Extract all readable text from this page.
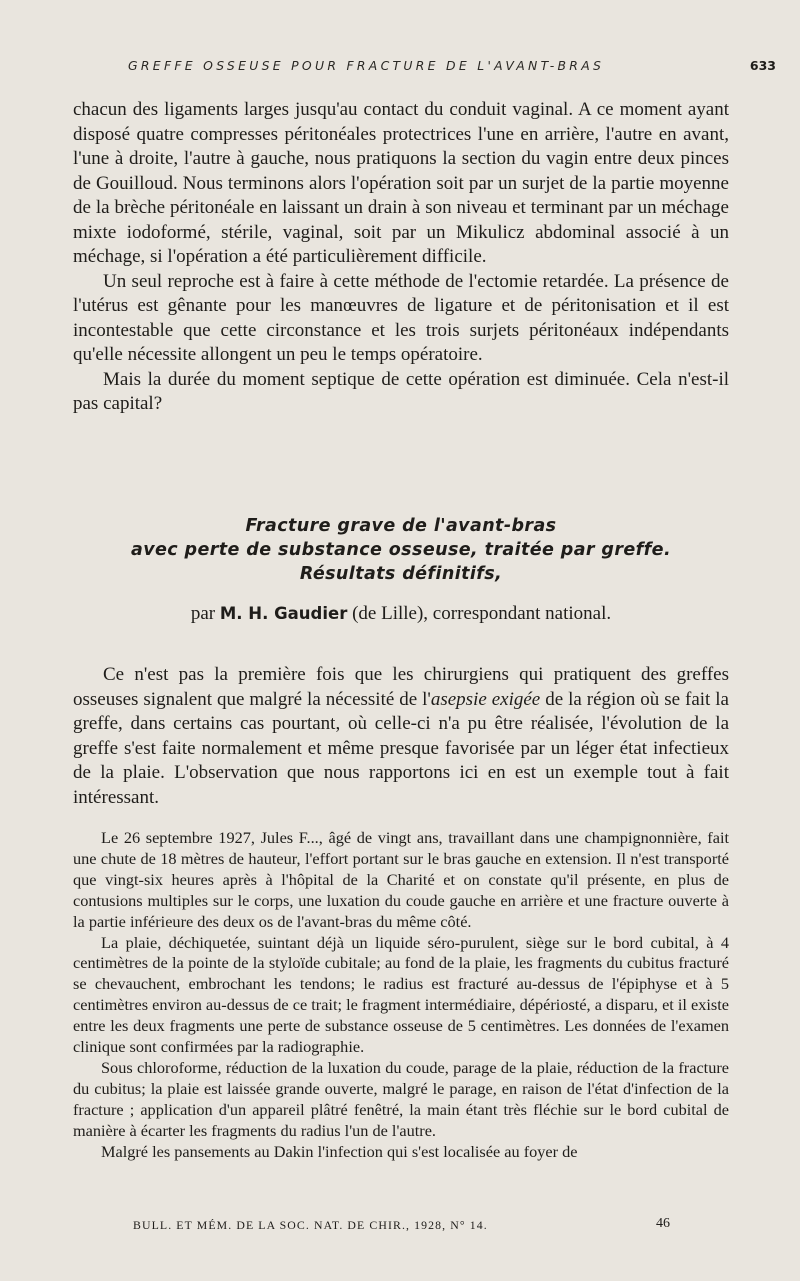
GREFFE OSSEUSE POUR FRACTURE DE L'AVANT-BRAS	633

chacun des ligaments larges jusqu'au contact du conduit vaginal. A ce moment ayant disposé quatre compresses péritonéales protectrices l'une en arrière, l'autre en avant, l'une à droite, l'autre à gauche, nous pratiquons la section du vagin entre deux pinces de Gouilloud. Nous terminons alors l'opération soit par un surjet de la partie moyenne de la brèche péritonéale en laissant un drain à son niveau et terminant par un méchage mixte iodoformé, stérile, vaginal, soit par un Mikulicz abdominal associé à un méchage, si l'opération a été particulièrement difficile.

Un seul reproche est à faire à cette méthode de l'ectomie retardée. La présence de l'utérus est gênante pour les manœuvres de ligature et de péritonisation et il est incontestable que cette circonstance et les trois surjets péritonéaux indépendants qu'elle nécessite allongent un peu le temps opératoire.

Mais la durée du moment septique de cette opération est diminuée. Cela n'est-il pas capital?

Fracture grave de l'avant-bras
avec perte de substance osseuse, traitée par greffe.
Résultats définitifs,
par M. H. Gaudier (de Lille), correspondant national.

Ce n'est pas la première fois que les chirurgiens qui pratiquent des greffes osseuses signalent que malgré la nécessité de l'asepsie exigée de la région où se fait la greffe, dans certains cas pourtant, où celle-ci n'a pu être réalisée, l'évolution de la greffe s'est faite normalement et même presque favorisée par un léger état infectieux de la plaie. L'observation que nous rapportons ici en est un exemple tout à fait intéressant.

Le 26 septembre 1927, Jules F..., âgé de vingt ans, travaillant dans une champignonnière, fait une chute de 18 mètres de hauteur, l'effort portant sur le bras gauche en extension. Il n'est transporté que vingt-six heures après à l'hôpital de la Charité et on constate qu'il présente, en plus de contusions multiples sur le corps, une luxation du coude gauche en arrière et une fracture ouverte à la partie inférieure des deux os de l'avant-bras du même côté.

La plaie, déchiquetée, suintant déjà un liquide séro-purulent, siège sur le bord cubital, à 4 centimètres de la pointe de la styloïde cubitale; au fond de la plaie, les fragments du cubitus fracturé se chevauchent, embrochant les tendons; le radius est fracturé au-dessus de l'épiphyse et à 5 centimètres environ au-dessus de ce trait; le fragment intermédiaire, dépériosté, a disparu, et il existe entre les deux fragments une perte de substance osseuse de 5 centimètres. Les données de l'examen clinique sont confirmées par la radiographie.

Sous chloroforme, réduction de la luxation du coude, parage de la plaie, réduction de la fracture du cubitus; la plaie est laissée grande ouverte, malgré le parage, en raison de l'état d'infection de la fracture ; application d'un appareil plâtré fenêtré, la main étant très fléchie sur le bord cubital de manière à écarter les fragments du radius l'un de l'autre.

Malgré les pansements au Dakin l'infection qui s'est localisée au foyer de

BULL. ET MÉM. DE LA SOC. NAT. DE CHIR., 1928, N° 14.	46
